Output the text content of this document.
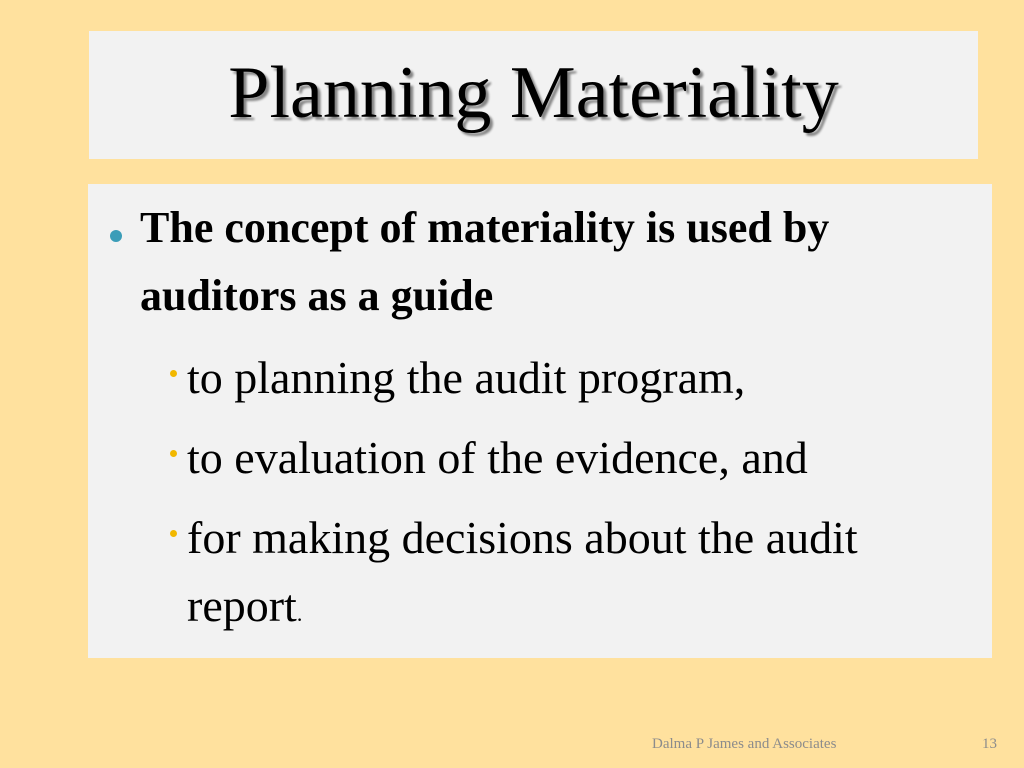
Planning Materiality
The concept of materiality is used by auditors as a guide
to planning the audit program,
to evaluation of the evidence, and
for making decisions about the audit report.
Dalma P James and Associates	13
